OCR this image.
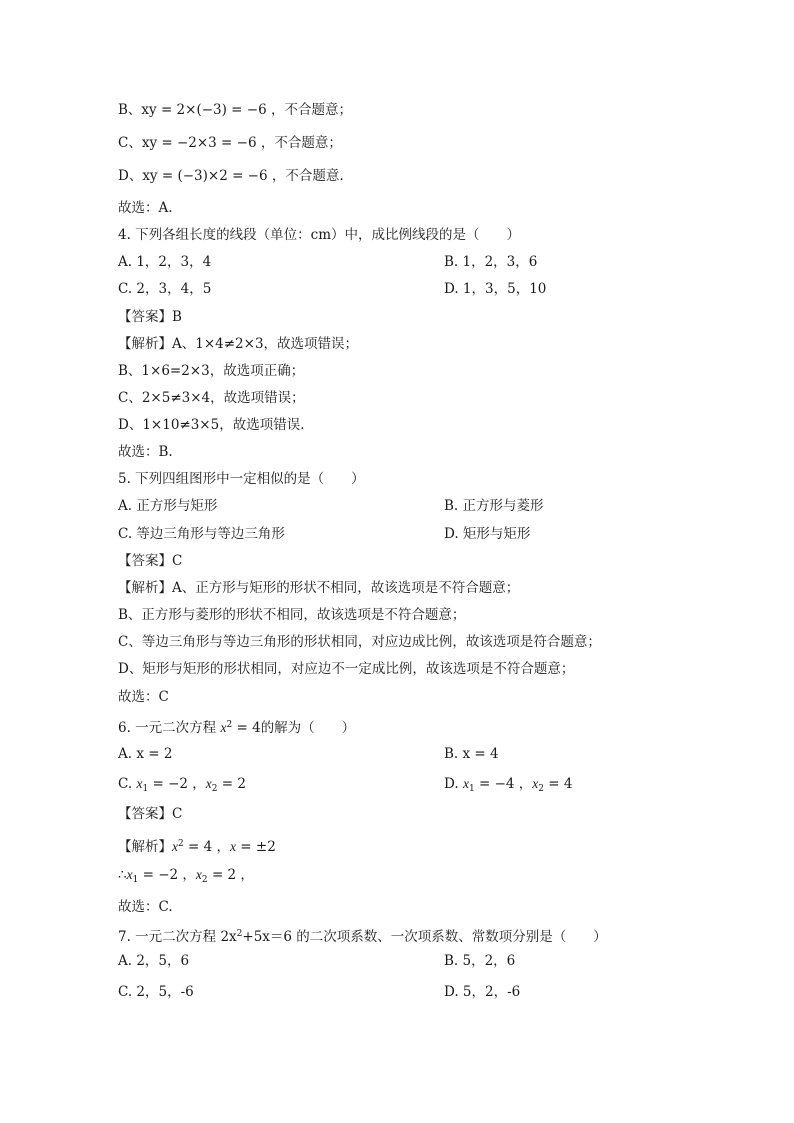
B、xy = 2×(−3) = −6 ，不合题意；
C、xy = −2×3 = −6 ，不合题意；
D、xy = (−3)×2 = −6 ，不合题意.
故选：A.
4. 下列各组长度的线段（单位：cm）中，成比例线段的是（　　）
A. 1，2，3，4	B. 1，2，3，6
C. 2，3，4，5	D. 1，3，5，10
【答案】B
【解析】A、1×4≠2×3，故选项错误；
B、1×6=2×3，故选项正确；
C、2×5≠3×4，故选项错误；
D、1×10≠3×5，故选项错误.
故选：B.
5. 下列四组图形中一定相似的是（　　）
A. 正方形与矩形	B. 正方形与菱形
C. 等边三角形与等边三角形	D. 矩形与矩形
【答案】C
【解析】A、正方形与矩形的形状不相同，故该选项是不符合题意；
B、正方形与菱形的形状不相同，故该选项是不符合题意；
C、等边三角形与等边三角形的形状相同，对应边成比例，故该选项是符合题意；
D、矩形与矩形的形状相同，对应边不一定成比例，故该选项是不符合题意；
故选：C
6. 一元二次方程 $x^2 = 4$的解为（　　）
A. x = 2	B. x = 4
C. $x_1 = -2$ ，$x_2 = 2$	D. $x_1 = -4$ ，$x_2 = 4$
【答案】C
【解析】$x^2 = 4$ ，x = ±2
$\therefore x_1 = -2$ ，$x_2 = 2$ ，
故选：C.
7. 一元二次方程 $2x^2+5x=6$ 的二次项系数、一次项系数、常数项分别是（　　）
A. 2，5，6	B. 5，2，6
C. 2，5，-6	D. 5，2，-6
